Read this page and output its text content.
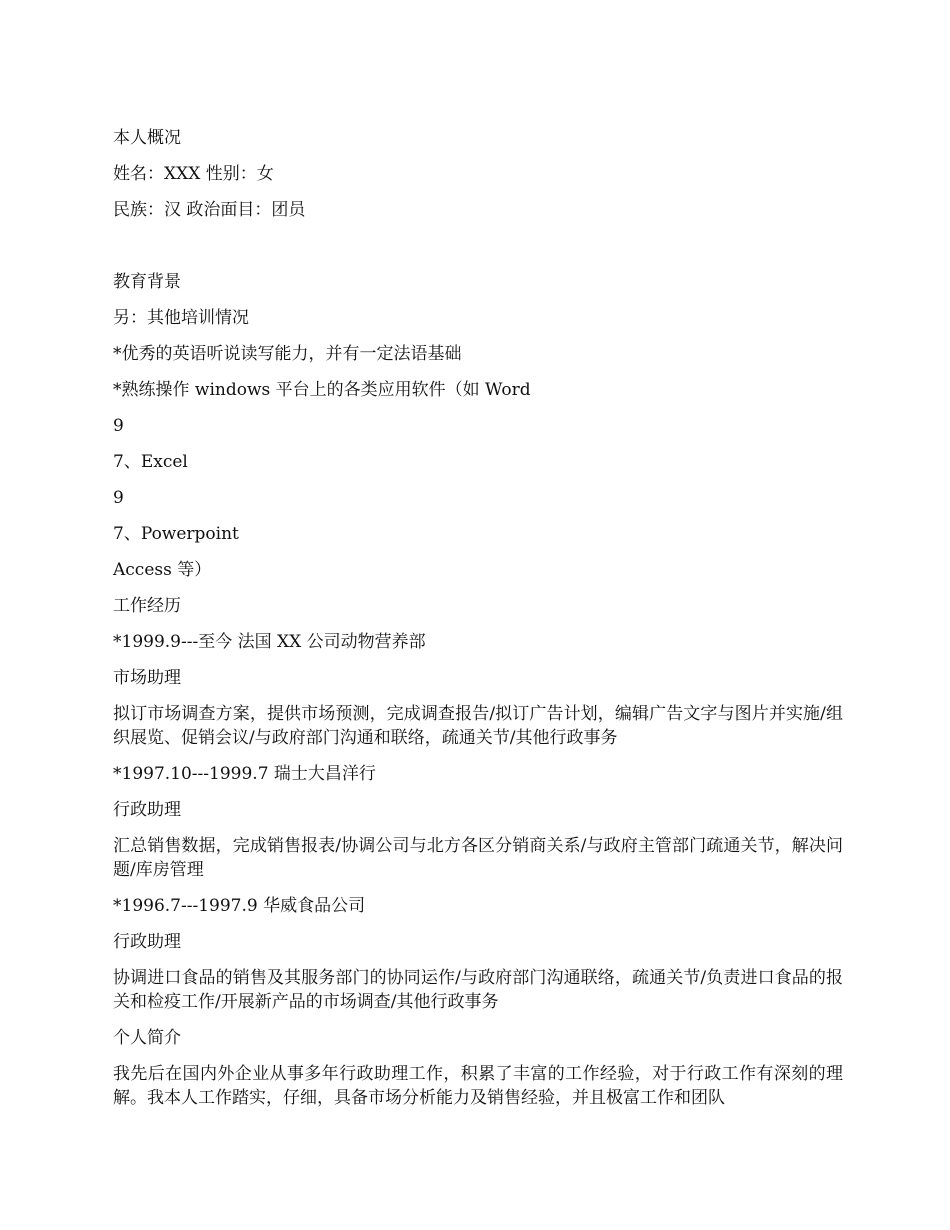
本人概况

姓名：XXX 性别：女

民族：汉 政治面目：团员

教育背景

另：其他培训情况

*优秀的英语听说读写能力，并有一定法语基础

*熟练操作 windows 平台上的各类应用软件（如 Word

9

7、Excel

9

7、Powerpoint

Access 等）

工作经历

*1999.9---至今 法国 XX 公司动物营养部

市场助理

拟订市场调查方案，提供市场预测，完成调查报告/拟订广告计划，编辑广告文字与图片并实施/组织展览、促销会议/与政府部门沟通和联络，疏通关节/其他行政事务

*1997.10---1999.7 瑞士大昌洋行

行政助理

汇总销售数据，完成销售报表/协调公司与北方各区分销商关系/与政府主管部门疏通关节，解决问题/库房管理

*1996.7---1997.9 华威食品公司

行政助理

协调进口食品的销售及其服务部门的协同运作/与政府部门沟通联络，疏通关节/负责进口食品的报关和检疫工作/开展新产品的市场调查/其他行政事务

个人简介

我先后在国内外企业从事多年行政助理工作，积累了丰富的工作经验，对于行政工作有深刻的理解。我本人工作踏实，仔细，具备市场分析能力及销售经验，并且极富工作和团队
